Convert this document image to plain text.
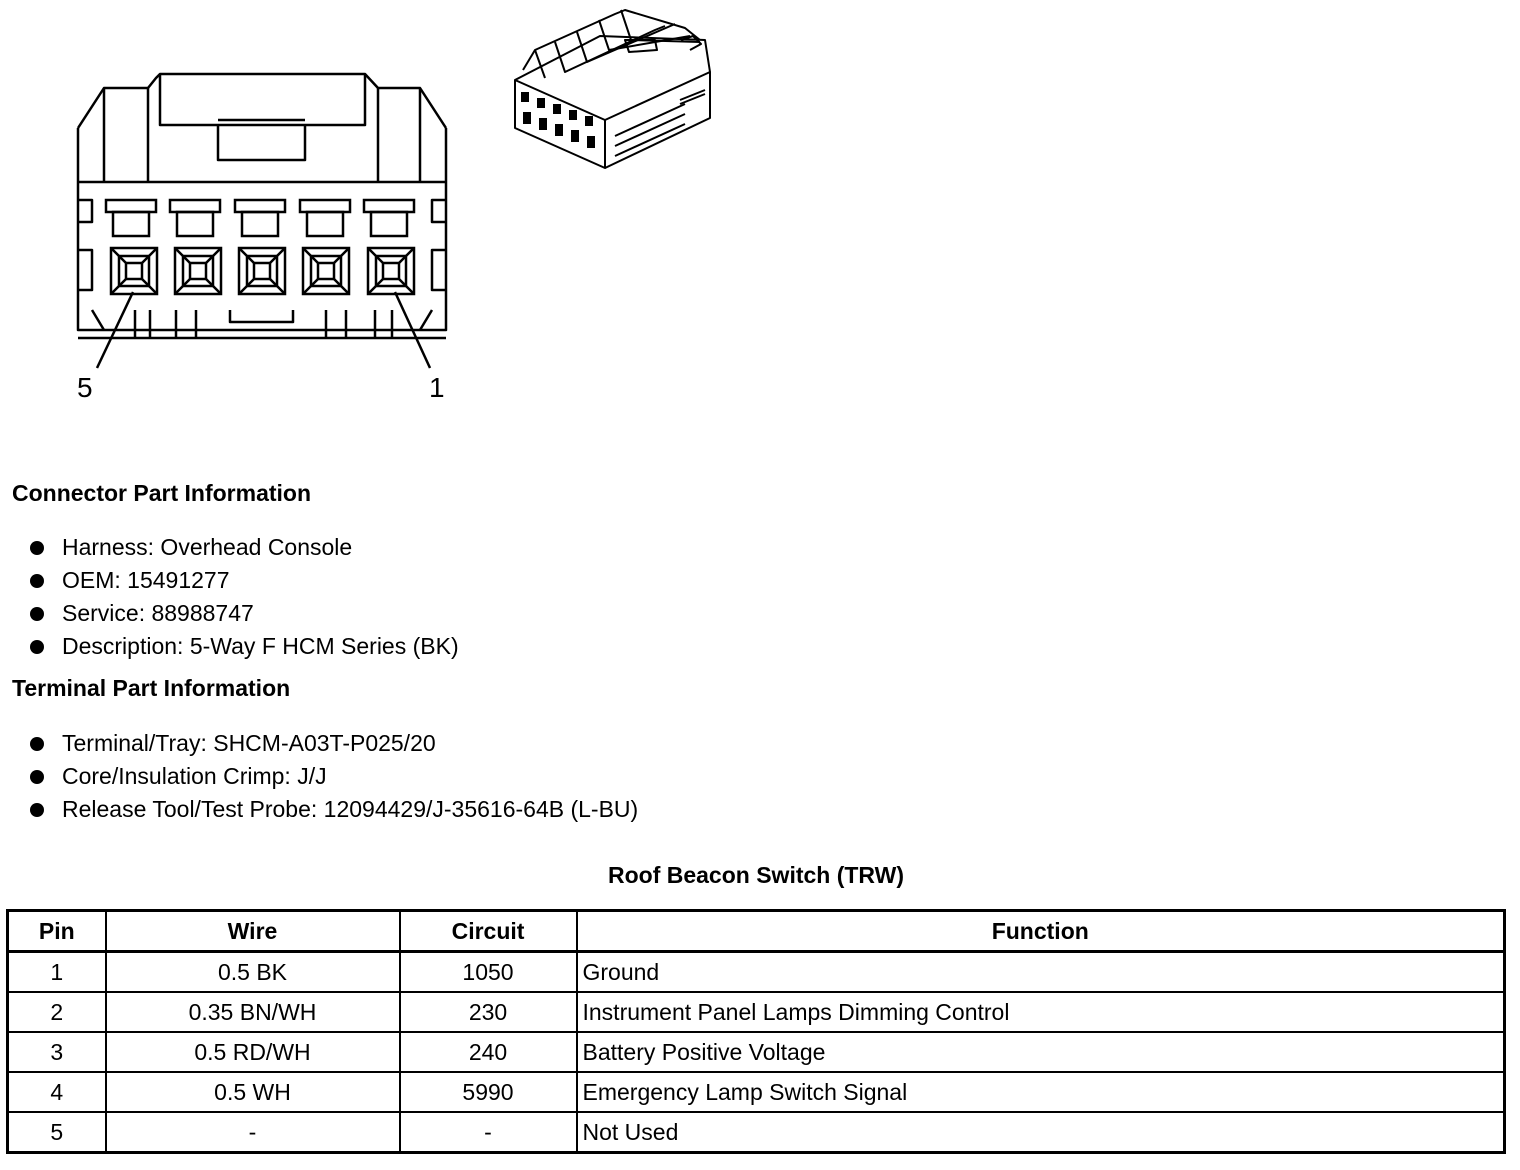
5	1
Connector Part Information
Harness: Overhead Console
OEM: 15491277
Service: 88988747
Description: 5-Way F HCM Series (BK)
Terminal Part Information
Terminal/Tray: SHCM-A03T-P025/20
Core/Insulation Crimp: J/J
Release Tool/Test Probe: 12094429/J-35616-64B (L-BU)
Roof Beacon Switch (TRW)
Pin	Wire	Circuit	Function
1	0.5 BK	1050	Ground
2	0.35 BN/WH	230	Instrument Panel Lamps Dimming Control
3	0.5 RD/WH	240	Battery Positive Voltage
4	0.5 WH	5990	Emergency Lamp Switch Signal
5	-	-	Not Used
